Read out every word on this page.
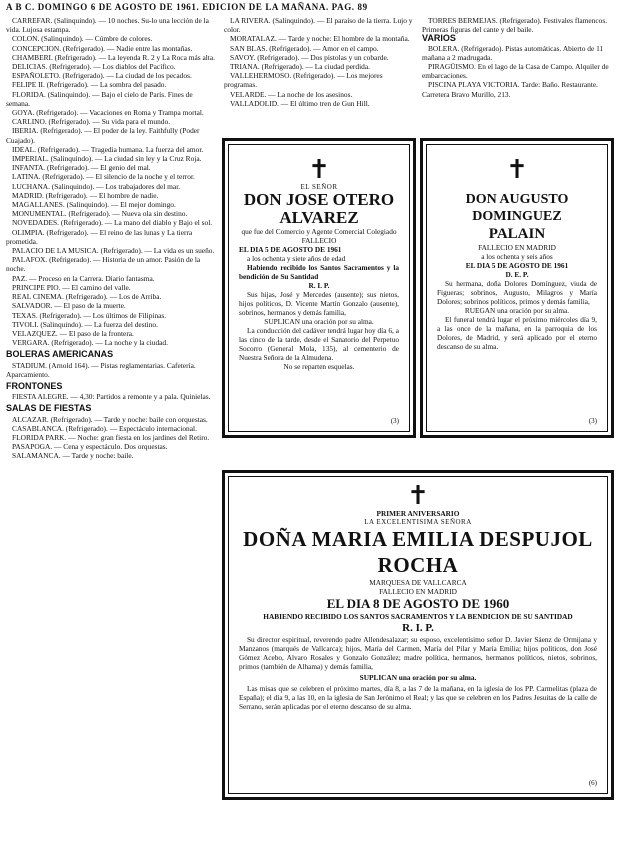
A B C. DOMINGO 6 DE AGOSTO DE 1961. EDICION DE LA MAÑANA. PAG. 89

CARREFAR. (Salinquindo). — 10 noches. Su-lo una lección de la vida. Lujosa estampa.

COLON. (Salinquindo). — Cúmbre de colores.

CONCEPCION. (Refrigerado). — Nadie entre las montañas.

CHAMBERI. (Refrigerado). — La leyenda R. 2 y La Roca más alta.

DELICIAS. (Refrigerado). — Los diablos del Pacífico.

ESPAÑOLETO. (Refrigerado). — La ciudad de los pecados.

FELIPE II. (Refrigerado). — La sombra del pasado.

FLORIDA. (Salinquindo). — Bajo el cielo de París. Fines de semana.

GOYA. (Refrigerado). — Vacaciones en Roma y Trampa mortal.

CARLINO. (Refrigerado). — Su vida para el mundo.

IBERIA. (Refrigerado). — El poder de la ley. Faithfully (Poder Cuajado).

IDEAL. (Refrigerado). — Tragedia humana. La fuerza del amor.

IMPERIAL. (Salinquindo). — La ciudad sin ley y la Cruz Roja.

INFANTA. (Refrigerado). — El genio del mal.

LATINA. (Refrigerado). — El silencio de la noche y el terror.

LUCHANA. (Salinquindo). — Los trabajadores del mar.

MADRID. (Refrigerado). — El hombre de nadie.

MAGALLANES. (Salinquindo). — El mejor domingo.

MONUMENTAL. (Refrigerado). — Nueva ola sin destino.

NOVEDADES. (Refrigerado). — La mano del diablo y Bajo el sol.

OLIMPIA. (Refrigerado). — El reino de las lunas y La tierra prometida.

PALACIO DE LA MUSICA. (Refrigerado). — La vida es un sueño.

PALAFOX. (Refrigerado). — Historia de un amor. Pasión de la noche.

PAZ. — Proceso en la Carrera. Diario fantasma.

PRINCIPE PIO. — El camino del valle.

REAL CINEMA. (Refrigerado). — Los de Arriba.

SALVADOR. — El paso de la muerte.

TEXAS. (Refrigerado). — Los últimos de Filipinas.

TIVOLI. (Salinquindo). — La fuerza del destino.

VELAZQUEZ. — El paso de la frontera.

VERGARA. (Refrigerado). — La noche y la ciudad.

BOLERAS AMERICANAS

STADIUM. (Arnold 164). — Pistas reglamentarias. Cafetería. Aparcamiento.

FRONTONES

FIESTA ALEGRE. — 4,30: Partidos a remonte y a pala. Quinielas.

SALAS DE FIESTAS

ALCAZAR. (Refrigerado). — Tarde y noche: baile con orquestas.

CASABLANCA. (Refrigerado). — Espectáculo internacional.

FLORIDA PARK. — Noche: gran fiesta en los jardines del Retiro.

PASAPOGA. — Cena y espectáculo. Dos orquestas.

SALAMANCA. — Tarde y noche: baile.

LA RIVERA. (Salinquindo). — El paraíso de la tierra. Lujo y color.

MORATALAZ. — Tarde y noche: El hombre de la montaña.

SAN BLAS. (Refrigerado). — Amor en el campo.

SAVOY. (Refrigerado). — Dos pistolas y un cobarde.

TRIANA. (Refrigerado). — La ciudad perdida.

VALLEHERMOSO. (Refrigerado). — Los mejores programas.

VELARDE. — La noche de los asesinos.

VALLADOLID. — El último tren de Gun Hill.

TORRES BERMEJAS. (Refrigerado). Festivales flamencos. Primeras figuras del cante y del baile.

VARIOS

BOLERA. (Refrigerado). Pistas automáticas. Abierto de 11 mañana a 2 madrugada.

PIRAGÜISMO. En el lago de la Casa de Campo. Alquiler de embarcaciones.

PISCINA PLAYA VICTORIA. Tarde: Baño. Restaurante. Carretera Bravo Murillo, 213.

✝
EL SEÑOR
DON JOSE OTERO
ALVAREZ
que fue del Comercio y Agente Comercial Colegiado
FALLECIO
EL DIA 5 DE AGOSTO DE 1961
a los ochenta y siete años de edad
Habiendo recibido los Santos Sacramentos y la bendición de Su Santidad
R. I. P.
Sus hijas, José y Mercedes (ausente); sus nietos, hijos políticos, D. Vicente Martín Gonzalo (ausente), sobrinos, hermanos y demás familia,
SUPLICAN una oración por su alma.
La conducción del cadáver tendrá lugar hoy día 6, a las cinco de la tarde, desde el Sanatorio del Perpetuo Socorro (General Mola, 135), al cementerio de Nuestra Señora de la Almudena.
No se reparten esquelas.
(3)
✝
DON AUGUSTO DOMINGUEZ
PALAIN
FALLECIO EN MADRID
a los ochenta y seis años
EL DIA 5 DE AGOSTO DE 1961
D. E. P.
Su hermana, doña Dolores Domínguez, viuda de Figueras; sobrinos, Augusto, Milagros y María Dolores; sobrinos políticos, primos y demás familia,
RUEGAN una oración por su alma.
El funeral tendrá lugar el próximo miércoles día 9, a las once de la mañana, en la parroquia de los Dolores, de Madrid, y será aplicado por el eterno descanso de su alma.
(3)
✝
PRIMER ANIVERSARIO
LA EXCELENTISIMA SEÑORA
DOÑA MARIA EMILIA DESPUJOL ROCHA
MARQUESA DE VALLCARCA
FALLECIO EN MADRID
EL DIA 8 DE AGOSTO DE 1960
HABIENDO RECIBIDO LOS SANTOS SACRAMENTOS Y LA BENDICION DE SU SANTIDAD
R. I. P.
Su director espiritual, reverendo padre Allendesalazar; su esposo, excelentísimo señor D. Javier Sáenz de Ormijana y Manzanos (marqués de Vallcarca); hijos, María del Carmen, María del Pilar y María Emilia; hijos políticos, don José Gómez Acebo, Alvaro Rosales y Gonzalo González; madre política, hermanos, hermanos políticos, nietos, sobrinos, primos (también de Alhama) y demás familia,
SUPLICAN una oración por su alma.
Las misas que se celebren el próximo martes, día 8, a las 7 de la mañana, en la iglesia de los PP. Carmelitas (plaza de España); el día 9, a las 10, en la iglesia de San Jerónimo el Real; y las que se celebren en los Padres Jesuitas de la calle de Serrano, serán aplicadas por el eterno descanso de su alma.
(6)
